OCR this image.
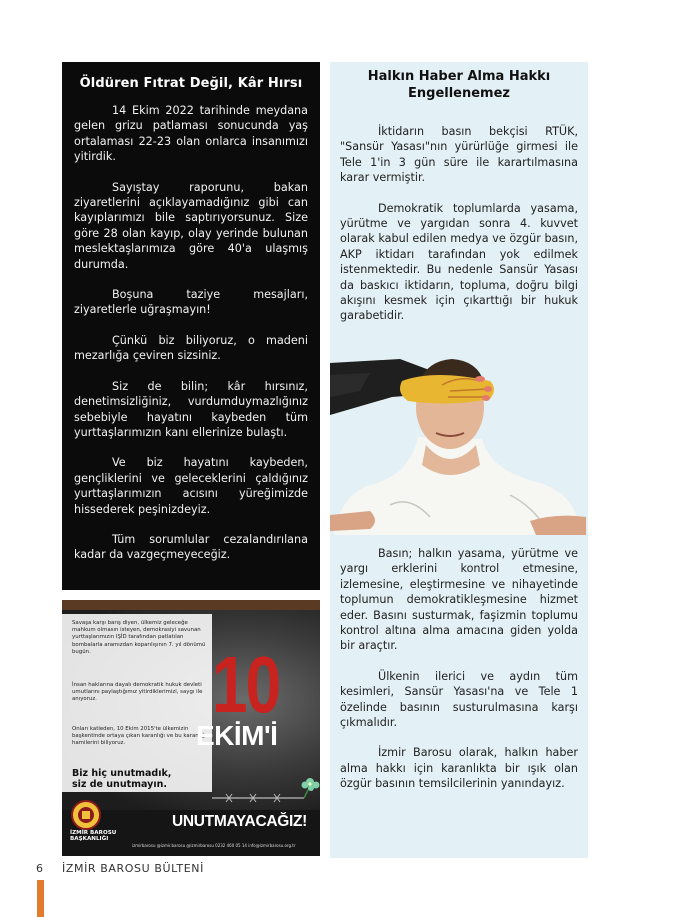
Öldüren Fıtrat Değil, Kâr Hırsı

14 Ekim 2022 tarihinde meydana gelen grizu patlaması sonucunda yaş ortalaması 22-23 olan onlarca insanımızı yitirdik.

Sayıştay raporunu, bakan ziyaretlerini açıklayamadığınız gibi can kayıplarımızı bile saptırıyorsunuz. Size göre 28 olan kayıp, olay yerinde bulunan meslektaşlarımıza göre 40'a ulaşmış durumda.

Boşuna taziye mesajları, ziyaretlerle uğraşmayın!

Çünkü biz biliyoruz, o madeni mezarlığa çeviren sizsiniz.

Siz de bilin; kâr hırsınız, denetimsizliğiniz, vurdumduymazlığınız sebebiyle hayatını kaybeden tüm yurttaşlarımızın kanı ellerinize bulaştı.

Ve biz hayatını kaybeden, gençliklerini ve geleceklerini çaldığınız yurttaşlarımızın acısını yüreğimizde hissederek peşinizdeyiz.

Tüm sorumlular cezalandırılana kadar da vazgeçmeyeceğiz.

Savaşa karşı barış diyen, ülkemiz geleceğe mahkum olmasın isteyen, demokrasiyi savunan yurttaşlarımızın IŞİD tarafından patlatılan bombalarla aramızdan koparılışının 7. yıl dönümü bugün.
İnsan haklarına dayalı demokratik hukuk devleti umutlarını paylaştığımız yitirdiklerimizi, saygı ile anıyoruz.
Onları katleden, 10 Ekim 2015'te ülkemizin başkentinde ortaya çıkan karanlığı ve bu karanlığın hamilerini biliyoruz.
Biz hiç unutmadık,
siz de unutmayın.
10
EKİM'İ
UNUTMAYACAĞIZ!
İZMİR BAROSU
BAŞKANLIĞI
izmirbarosu @izmir.barosu @izmirbarosu 0232 460 05 14 info@izmirbarosu.org.tr
Halkın Haber Alma Hakkı Engellenemez

İktidarın basın bekçisi RTÜK, "Sansür Yasası"nın yürürlüğe girmesi ile Tele 1'in 3 gün süre ile karartılmasına karar vermiştir.

Demokratik toplumlarda yasama, yürütme ve yargıdan sonra 4. kuvvet olarak kabul edilen medya ve özgür basın, AKP iktidarı tarafından yok edilmek istenmektedir. Bu nedenle Sansür Yasası da baskıcı iktidarın, topluma, doğru bilgi akışını kesmek için çıkarttığı bir hukuk garabetidir.

Basın; halkın yasama, yürütme ve yargı erklerini kontrol etmesine, izlemesine, eleştirmesine ve nihayetinde toplumun demokratikleşmesine hizmet eder. Basını susturmak, faşizmin toplumu kontrol altına alma amacına giden yolda bir araçtır.

Ülkenin ilerici ve aydın tüm kesimleri, Sansür Yasası'na ve Tele 1 özelinde basının susturulmasına karşı çıkmalıdır.

İzmir Barosu olarak, halkın haber alma hakkı için karanlıkta bir ışık olan özgür basının temsilcilerinin yanındayız.

6 İZMİR BAROSU BÜLTENİ
